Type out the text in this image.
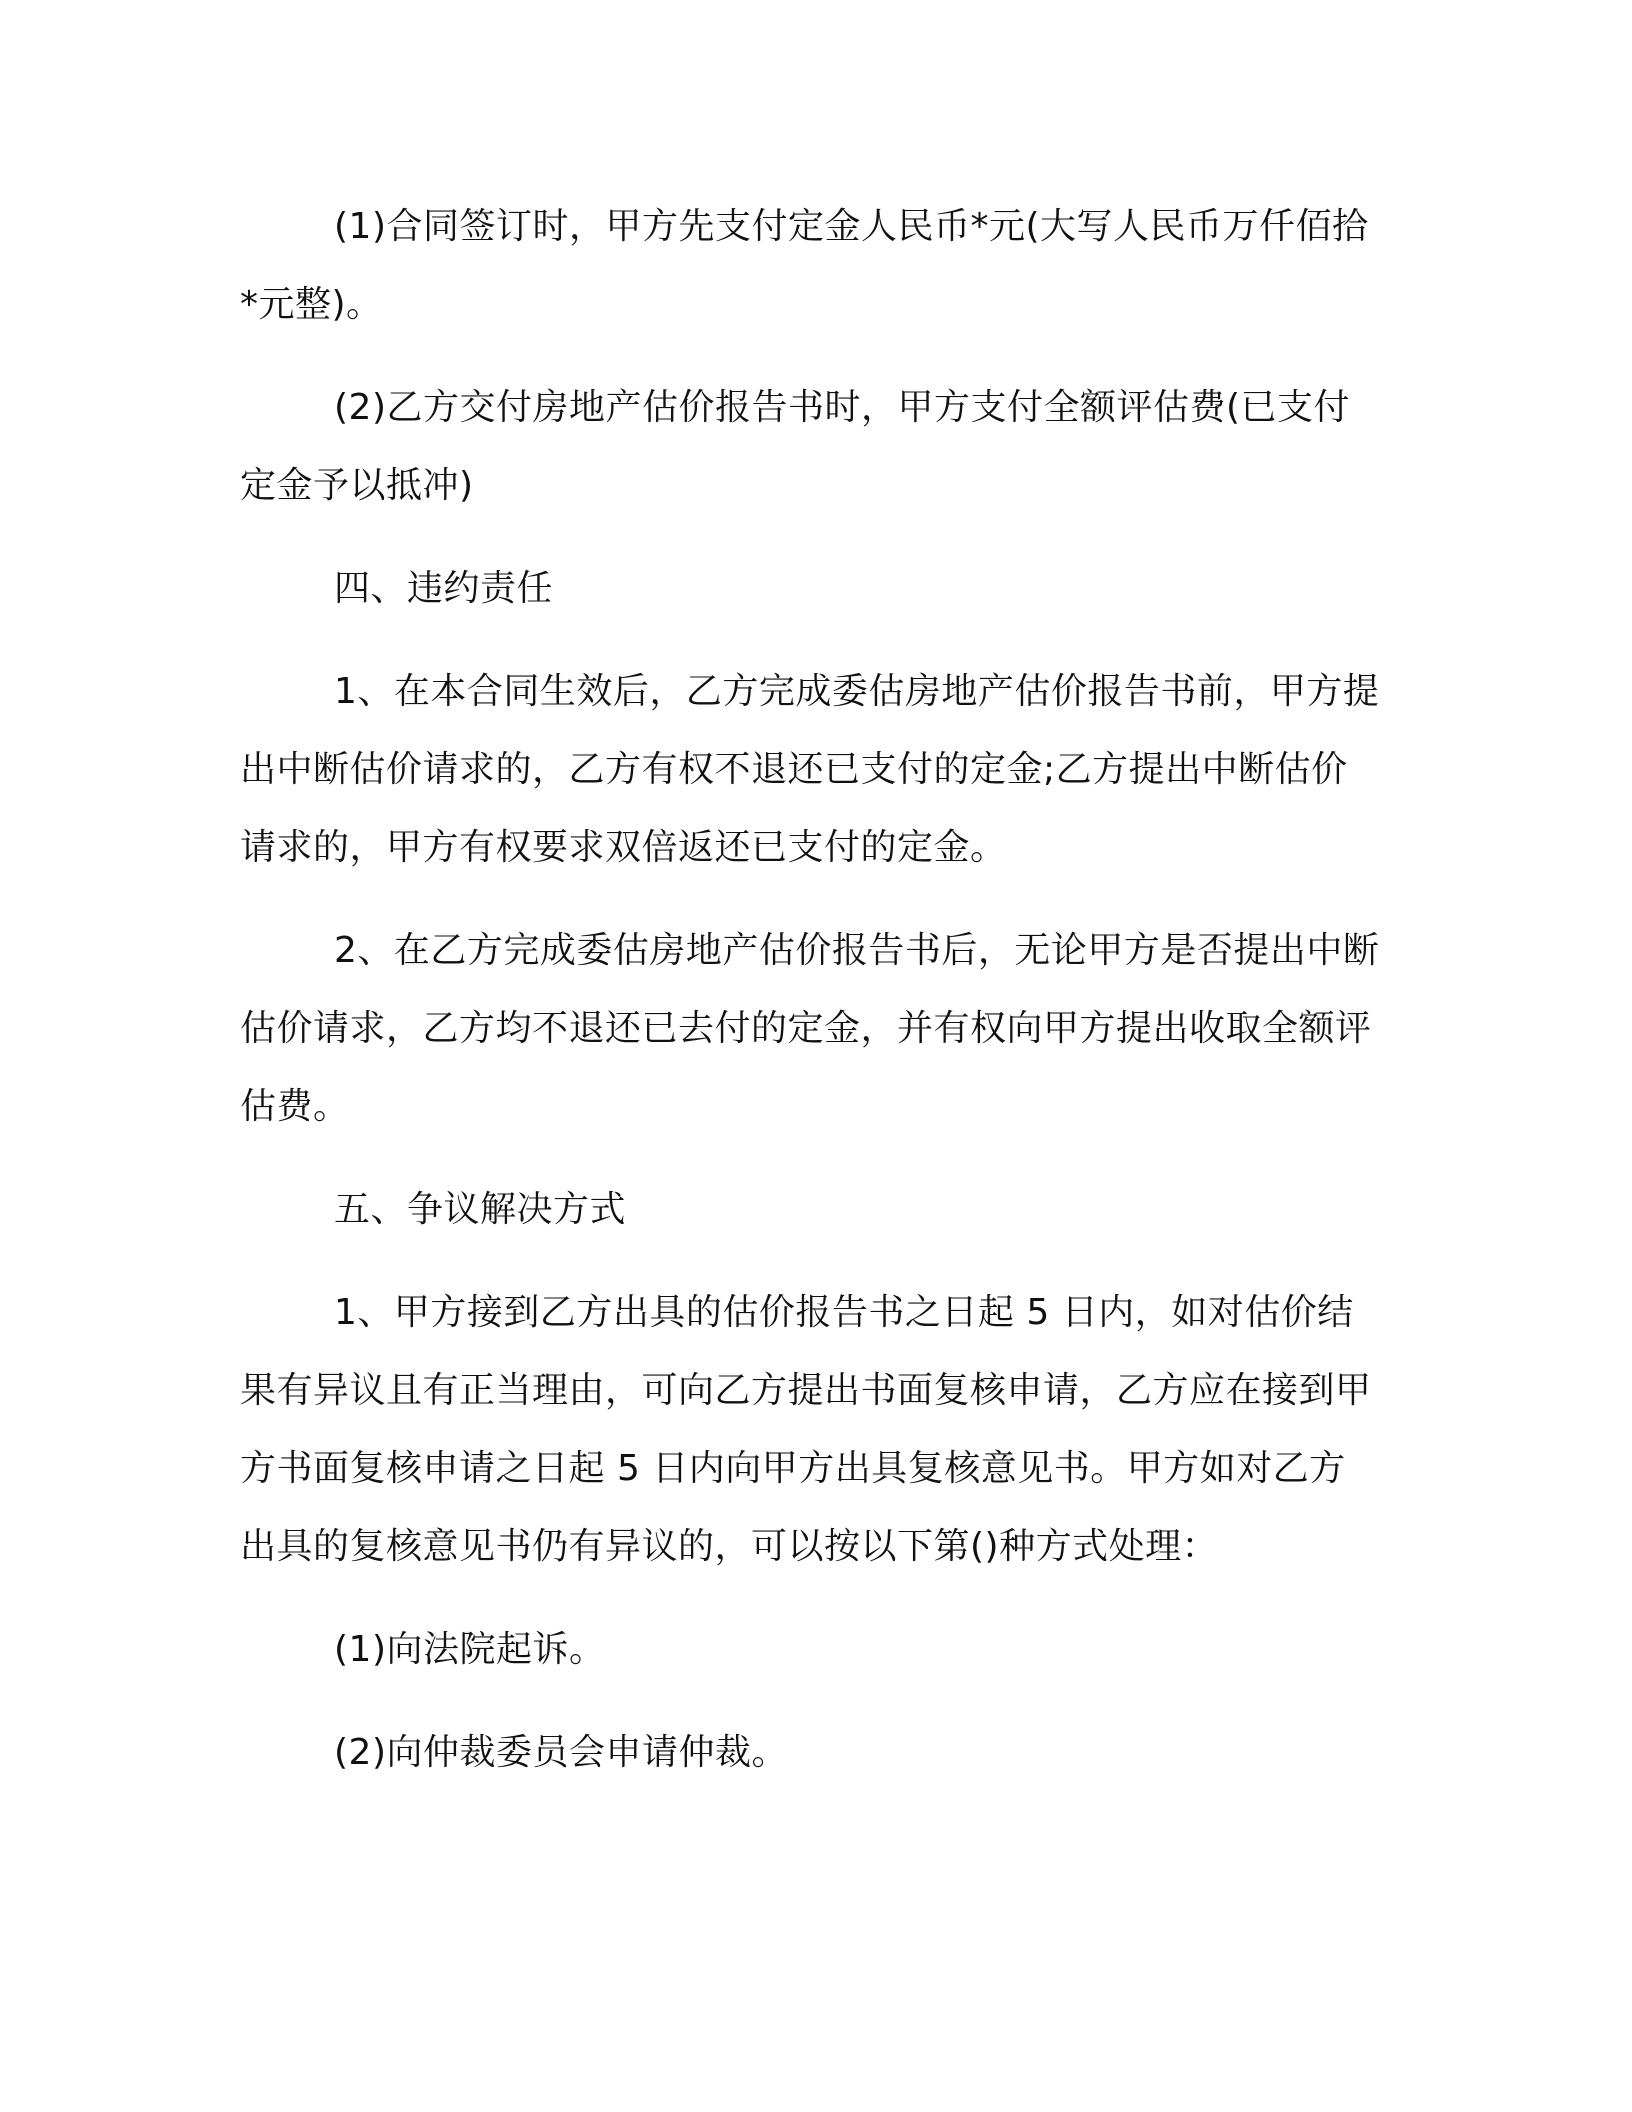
(1)合同签订时，甲方先支付定金人民币*元(大写人民币万仟佰拾*元整)。

(2)乙方交付房地产估价报告书时，甲方支付全额评估费(已支付定金予以抵冲)

四、违约责任

1、在本合同生效后，乙方完成委估房地产估价报告书前，甲方提出中断估价请求的，乙方有权不退还已支付的定金;乙方提出中断估价请求的，甲方有权要求双倍返还已支付的定金。

2、在乙方完成委估房地产估价报告书后，无论甲方是否提出中断估价请求，乙方均不退还已去付的定金，并有权向甲方提出收取全额评估费。

五、争议解决方式

1、甲方接到乙方出具的估价报告书之日起 5 日内，如对估价结果有异议且有正当理由，可向乙方提出书面复核申请，乙方应在接到甲方书面复核申请之日起 5 日内向甲方出具复核意见书。甲方如对乙方出具的复核意见书仍有异议的，可以按以下第()种方式处理：

(1)向法院起诉。

(2)向仲裁委员会申请仲裁。
